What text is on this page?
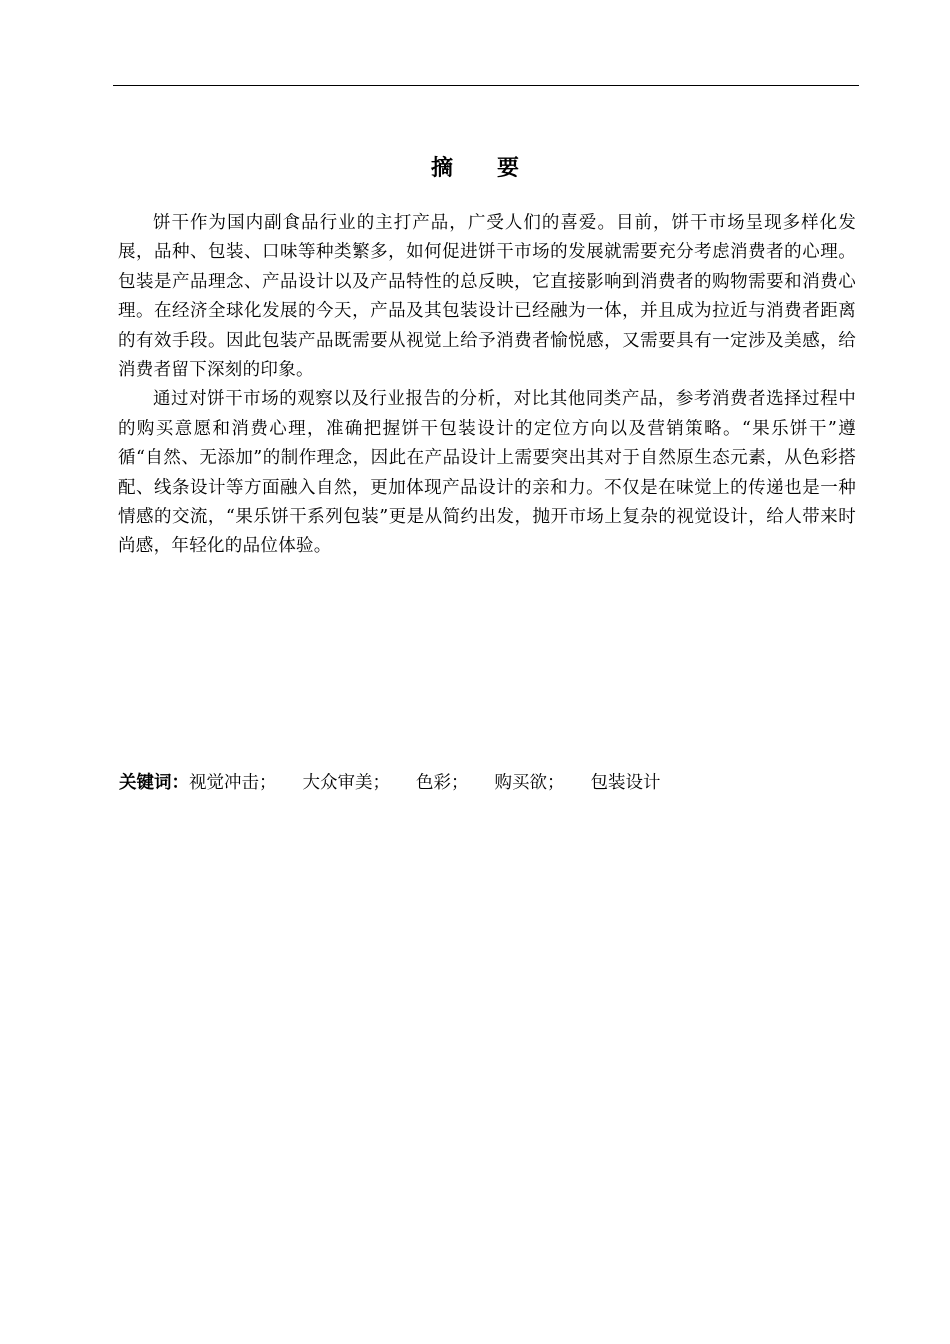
摘 要

饼干作为国内副食品行业的主打产品，广受人们的喜爱。目前，饼干市场呈现多样化发展，品种、包装、口味等种类繁多，如何促进饼干市场的发展就需要充分考虑消费者的心理。包装是产品理念、产品设计以及产品特性的总反映，它直接影响到消费者的购物需要和消费心理。在经济全球化发展的今天，产品及其包装设计已经融为一体，并且成为拉近与消费者距离的有效手段。因此包装产品既需要从视觉上给予消费者愉悦感，又需要具有一定涉及美感，给消费者留下深刻的印象。

通过对饼干市场的观察以及行业报告的分析，对比其他同类产品，参考消费者选择过程中的购买意愿和消费心理，准确把握饼干包装设计的定位方向以及营销策略。“果乐饼干”遵循“自然、无添加”的制作理念，因此在产品设计上需要突出其对于自然原生态元素，从色彩搭配、线条设计等方面融入自然，更加体现产品设计的亲和力。不仅是在味觉上的传递也是一种情感的交流，“果乐饼干系列包装”更是从简约出发，抛开市场上复杂的视觉设计，给人带来时尚感，年轻化的品位体验。

关键词：视觉冲击； 大众审美； 色彩； 购买欲； 包装设计
